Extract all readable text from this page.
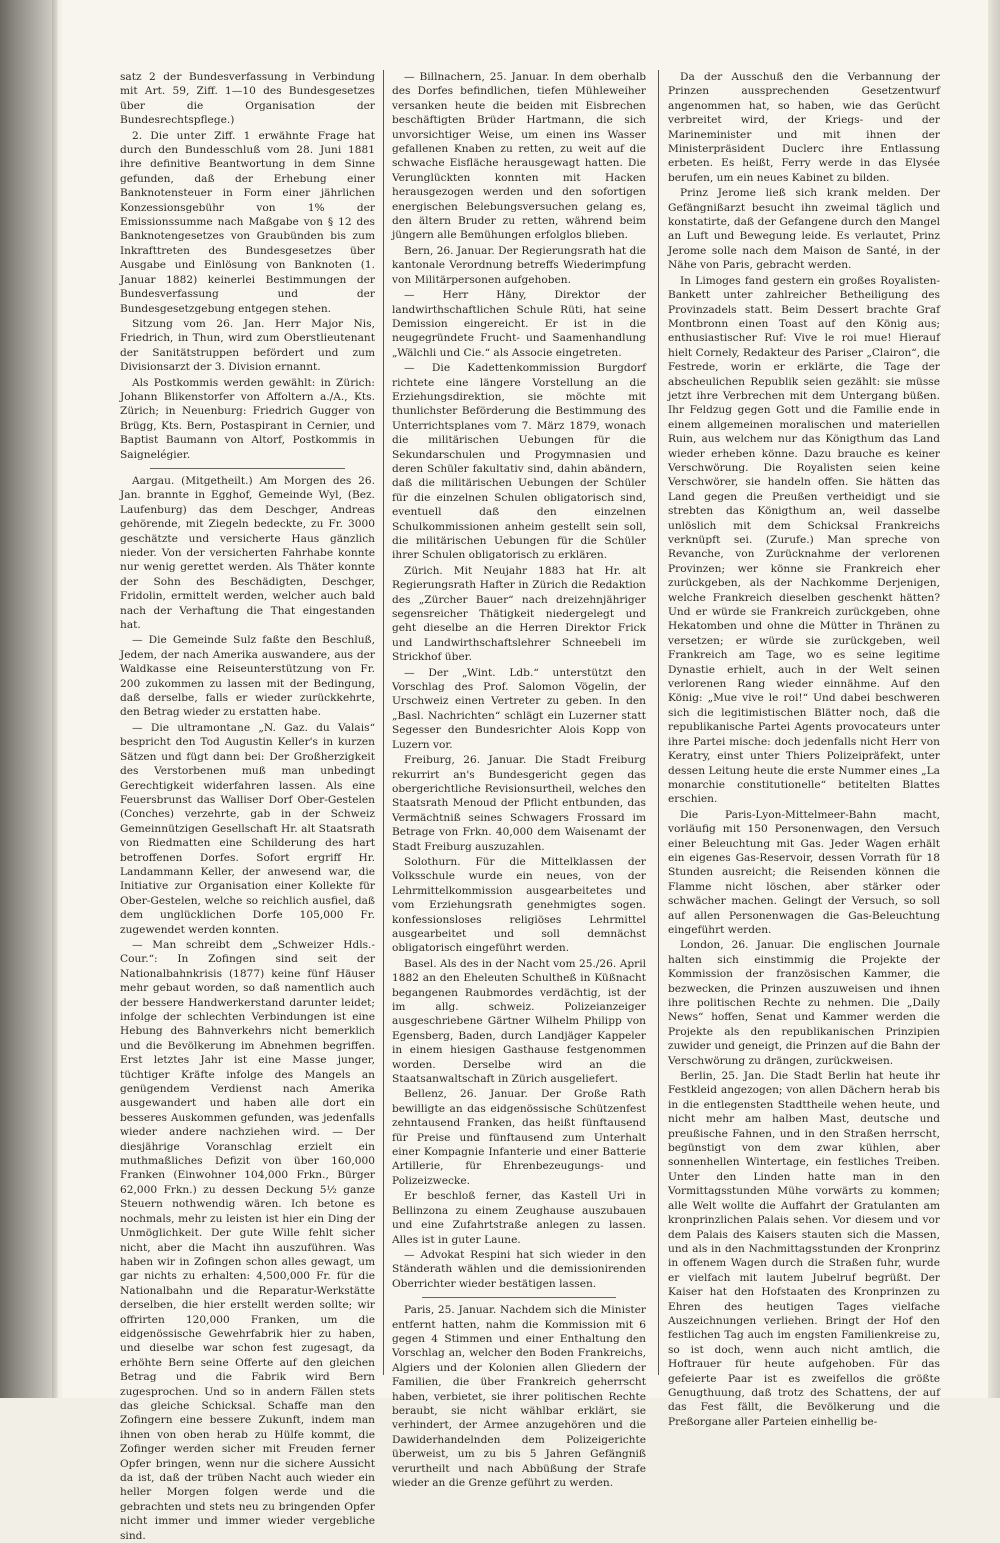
satz 2 der Bundesverfassung in Verbindung mit Art. 59, Ziff. 1—10 des Bundesgesetzes über die Organisation der Bundesrechtspflege.)

2. Die unter Ziff. 1 erwähnte Frage hat durch den Bundesschluß vom 28. Juni 1881 ihre definitive Beantwortung in dem Sinne gefunden, daß der Erhebung einer Banknotensteuer in Form einer jährlichen Konzessionsgebühr von 1% der Emissionssumme nach Maßgabe von § 12 des Banknotengesetzes von Graubünden bis zum Inkrafttreten des Bundesgesetzes über Ausgabe und Einlösung von Banknoten (1. Januar 1882) keinerlei Bestimmungen der Bundesverfassung und der Bundesgesetzgebung entgegen stehen.

Sitzung vom 26. Jan. Herr Major Nis, Friedrich, in Thun, wird zum Oberstlieutenant der Sanitätstruppen befördert und zum Divisionsarzt der 3. Division ernannt.

Als Postkommis werden gewählt: in Zürich: Johann Blikenstorfer von Affoltern a./A., Kts. Zürich; in Neuenburg: Friedrich Gugger von Brügg, Kts. Bern, Postaspirant in Cernier, und Baptist Baumann von Altorf, Postkommis in Saignelégier.

Aargau. (Mitgetheilt.) Am Morgen des 26. Jan. brannte in Egghof, Gemeinde Wyl, (Bez. Laufenburg) das dem Deschger, Andreas gehörende, mit Ziegeln bedeckte, zu Fr. 3000 geschätzte und versicherte Haus gänzlich nieder. Von der versicherten Fahrhabe konnte nur wenig gerettet werden. Als Thäter konnte der Sohn des Beschädigten, Deschger, Fridolin, ermittelt werden, welcher auch bald nach der Verhaftung die That eingestanden hat.

— Die Gemeinde Sulz faßte den Beschluß, Jedem, der nach Amerika auswandere, aus der Waldkasse eine Reiseunterstützung von Fr. 200 zukommen zu lassen mit der Bedingung, daß derselbe, falls er wieder zurückkehrte, den Betrag wieder zu erstatten habe.

— Die ultramontane „N. Gaz. du Valais“ bespricht den Tod Augustin Keller's in kurzen Sätzen und fügt dann bei: Der Großherzigkeit des Verstorbenen muß man unbedingt Gerechtigkeit widerfahren lassen. Als eine Feuersbrunst das Walliser Dorf Ober-Gestelen (Conches) verzehrte, gab in der Schweiz Gemeinnützigen Gesellschaft Hr. alt Staatsrath von Riedmatten eine Schilderung des hart betroffenen Dorfes. Sofort ergriff Hr. Landammann Keller, der anwesend war, die Initiative zur Organisation einer Kollekte für Ober-Gestelen, welche so reichlich ausfiel, daß dem unglücklichen Dorfe 105,000 Fr. zugewendet werden konnten.

— Man schreibt dem „Schweizer Hdls.-Cour.“: In Zofingen sind seit der Nationalbahnkrisis (1877) keine fünf Häuser mehr gebaut worden, so daß namentlich auch der bessere Handwerkerstand darunter leidet; infolge der schlechten Verbindungen ist eine Hebung des Bahnverkehrs nicht bemerklich und die Bevölkerung im Abnehmen begriffen. Erst letztes Jahr ist eine Masse junger, tüchtiger Kräfte infolge des Mangels an genügendem Verdienst nach Amerika ausgewandert und haben alle dort ein besseres Auskommen gefunden, was jedenfalls wieder andere nachziehen wird. — Der diesjährige Voranschlag erzielt ein muthmaßliches Defizit von über 160,000 Franken (Einwohner 104,000 Frkn., Bürger 62,000 Frkn.) zu dessen Deckung 5½ ganze Steuern nothwendig wären. Ich betone es nochmals, mehr zu leisten ist hier ein Ding der Unmöglichkeit. Der gute Wille fehlt sicher nicht, aber die Macht ihn auszuführen. Was haben wir in Zofingen schon alles gewagt, um gar nichts zu erhalten: 4,500,000 Fr. für die Nationalbahn und die Reparatur-Werkstätte derselben, die hier erstellt werden sollte; wir offrirten 120,000 Franken, um die eidgenössische Gewehrfabrik hier zu haben, und dieselbe war schon fest zugesagt, da erhöhte Bern seine Offerte auf den gleichen Betrag und die Fabrik wird Bern zugesprochen. Und so in andern Fällen stets das gleiche Schicksal. Schaffe man den Zofingern eine bessere Zukunft, indem man ihnen von oben herab zu Hülfe kommt, die Zofinger werden sicher mit Freuden ferner Opfer bringen, wenn nur die sichere Aussicht da ist, daß der trüben Nacht auch wieder ein heller Morgen folgen werde und die gebrachten und stets neu zu bringenden Opfer nicht immer und immer wieder vergebliche sind.

— Billnachern, 25. Januar. In dem oberhalb des Dorfes befindlichen, tiefen Mühleweiher versanken heute die beiden mit Eisbrechen beschäftigten Brüder Hartmann, die sich unvorsichtiger Weise, um einen ins Wasser gefallenen Knaben zu retten, zu weit auf die schwache Eisfläche herausgewagt hatten. Die Verunglückten konnten mit Hacken herausgezogen werden und den sofortigen energischen Belebungsversuchen gelang es, den ältern Bruder zu retten, während beim jüngern alle Bemühungen erfolglos blieben.

Bern, 26. Januar. Der Regierungsrath hat die kantonale Verordnung betreffs Wiederimpfung von Militärpersonen aufgehoben.

— Herr Häny, Direktor der landwirthschaftlichen Schule Rüti, hat seine Demission eingereicht. Er ist in die neugegründete Frucht- und Saamenhandlung „Wälchli und Cie.“ als Associe eingetreten.

— Die Kadettenkommission Burgdorf richtete eine längere Vorstellung an die Erziehungsdirektion, sie möchte mit thunlichster Beförderung die Bestimmung des Unterrichtsplanes vom 7. März 1879, wonach die militärischen Uebungen für die Sekundarschulen und Progymnasien und deren Schüler fakultativ sind, dahin abändern, daß die militärischen Uebungen der Schüler für die einzelnen Schulen obligatorisch sind, eventuell daß den einzelnen Schulkommissionen anheim gestellt sein soll, die militärischen Uebungen für die Schüler ihrer Schulen obligatorisch zu erklären.

Zürich. Mit Neujahr 1883 hat Hr. alt Regierungsrath Hafter in Zürich die Redaktion des „Zürcher Bauer“ nach dreizehnjähriger segensreicher Thätigkeit niedergelegt und geht dieselbe an die Herren Direktor Frick und Landwirthschaftslehrer Schneebeli im Strickhof über.

— Der „Wint. Ldb.“ unterstützt den Vorschlag des Prof. Salomon Vögelin, der Urschweiz einen Vertreter zu geben. In den „Basl. Nachrichten“ schlägt ein Luzerner statt Segesser den Bundesrichter Alois Kopp von Luzern vor.

Freiburg, 26. Januar. Die Stadt Freiburg rekurrirt an's Bundesgericht gegen das obergerichtliche Revisionsurtheil, welches den Staatsrath Menoud der Pflicht entbunden, das Vermächtniß seines Schwagers Frossard im Betrage von Frkn. 40,000 dem Waisenamt der Stadt Freiburg auszuzahlen.

Solothurn. Für die Mittelklassen der Volksschule wurde ein neues, von der Lehrmittelkommission ausgearbeitetes und vom Erziehungsrath genehmigtes sogen. konfessionsloses religiöses Lehrmittel ausgearbeitet und soll demnächst obligatorisch eingeführt werden.

Basel. Als des in der Nacht vom 25./26. April 1882 an den Eheleuten Schultheß in Küßnacht begangenen Raubmordes verdächtig, ist der im allg. schweiz. Polizeianzeiger ausgeschriebene Gärtner Wilhelm Philipp von Egensberg, Baden, durch Landjäger Kappeler in einem hiesigen Gasthause festgenommen worden. Derselbe wird an die Staatsanwaltschaft in Zürich ausgeliefert.

Bellenz, 26. Januar. Der Große Rath bewilligte an das eidgenössische Schützenfest zehntausend Franken, das heißt fünftausend für Preise und fünftausend zum Unterhalt einer Kompagnie Infanterie und einer Batterie Artillerie, für Ehrenbezeugungs- und Polizeizwecke.

Er beschloß ferner, das Kastell Uri in Bellinzona zu einem Zeughause auszubauen und eine Zufahrtstraße anlegen zu lassen. Alles ist in guter Laune.

— Advokat Respini hat sich wieder in den Ständerath wählen und die demissionirenden Oberrichter wieder bestätigen lassen.

Paris, 25. Januar. Nachdem sich die Minister entfernt hatten, nahm die Kommission mit 6 gegen 4 Stimmen und einer Enthaltung den Vorschlag an, welcher den Boden Frankreichs, Algiers und der Kolonien allen Gliedern der Familien, die über Frankreich geherrscht haben, verbietet, sie ihrer politischen Rechte beraubt, sie nicht wählbar erklärt, sie verhindert, der Armee anzugehören und die Dawiderhandelnden dem Polizeigerichte überweist, um zu bis 5 Jahren Gefängniß verurtheilt und nach Abbüßung der Strafe wieder an die Grenze geführt zu werden.

Da der Ausschuß den die Verbannung der Prinzen aussprechenden Gesetzentwurf angenommen hat, so haben, wie das Gerücht verbreitet wird, der Kriegs- und der Marineminister und mit ihnen der Ministerpräsident Duclerc ihre Entlassung erbeten. Es heißt, Ferry werde in das Elysée berufen, um ein neues Kabinet zu bilden.

Prinz Jerome ließ sich krank melden. Der Gefängnißarzt besucht ihn zweimal täglich und konstatirte, daß der Gefangene durch den Mangel an Luft und Bewegung leide. Es verlautet, Prinz Jerome solle nach dem Maison de Santé, in der Nähe von Paris, gebracht werden.

In Limoges fand gestern ein großes Royalisten-Bankett unter zahlreicher Betheiligung des Provinzadels statt. Beim Dessert brachte Graf Montbronn einen Toast auf den König aus; enthusiastischer Ruf: Vive le roi mue! Hierauf hielt Cornely, Redakteur des Pariser „Clairon“, die Festrede, worin er erklärte, die Tage der abscheulichen Republik seien gezählt: sie müsse jetzt ihre Verbrechen mit dem Untergang büßen. Ihr Feldzug gegen Gott und die Familie ende in einem allgemeinen moralischen und materiellen Ruin, aus welchem nur das Königthum das Land wieder erheben könne. Dazu brauche es keiner Verschwörung. Die Royalisten seien keine Verschwörer, sie handeln offen. Sie hätten das Land gegen die Preußen vertheidigt und sie strebten das Königthum an, weil dasselbe unlöslich mit dem Schicksal Frankreichs verknüpft sei. (Zurufe.) Man spreche von Revanche, von Zurücknahme der verlorenen Provinzen; wer könne sie Frankreich eher zurückgeben, als der Nachkomme Derjenigen, welche Frankreich dieselben geschenkt hätten? Und er würde sie Frankreich zurückgeben, ohne Hekatomben und ohne die Mütter in Thränen zu versetzen; er würde sie zurückgeben, weil Frankreich am Tage, wo es seine legitime Dynastie erhielt, auch in der Welt seinen verlorenen Rang wieder einnähme. Auf den König: „Mue vive le roi!“ Und dabei beschweren sich die legitimistischen Blätter noch, daß die republikanische Partei Agents provocateurs unter ihre Partei mische: doch jedenfalls nicht Herr von Keratry, einst unter Thiers Polizeipräfekt, unter dessen Leitung heute die erste Nummer eines „La monarchie constitutionelle“ betitelten Blattes erschien.

Die Paris-Lyon-Mittelmeer-Bahn macht, vorläufig mit 150 Personenwagen, den Versuch einer Beleuchtung mit Gas. Jeder Wagen erhält ein eigenes Gas-Reservoir, dessen Vorrath für 18 Stunden ausreicht; die Reisenden können die Flamme nicht löschen, aber stärker oder schwächer machen. Gelingt der Versuch, so soll auf allen Personenwagen die Gas-Beleuchtung eingeführt werden.

London, 26. Januar. Die englischen Journale halten sich einstimmig die Projekte der Kommission der französischen Kammer, die bezwecken, die Prinzen auszuweisen und ihnen ihre politischen Rechte zu nehmen. Die „Daily News“ hoffen, Senat und Kammer werden die Projekte als den republikanischen Prinzipien zuwider und geneigt, die Prinzen auf die Bahn der Verschwörung zu drängen, zurückweisen.

Berlin, 25. Jan. Die Stadt Berlin hat heute ihr Festkleid angezogen; von allen Dächern herab bis in die entlegensten Stadttheile wehen heute, und nicht mehr am halben Mast, deutsche und preußische Fahnen, und in den Straßen herrscht, begünstigt von dem zwar kühlen, aber sonnenhellen Wintertage, ein festliches Treiben. Unter den Linden hatte man in den Vormittagsstunden Mühe vorwärts zu kommen; alle Welt wollte die Auffahrt der Gratulanten am kronprinzlichen Palais sehen. Vor diesem und vor dem Palais des Kaisers stauten sich die Massen, und als in den Nachmittagsstunden der Kronprinz in offenem Wagen durch die Straßen fuhr, wurde er vielfach mit lautem Jubelruf begrüßt. Der Kaiser hat den Hofstaaten des Kronprinzen zu Ehren des heutigen Tages vielfache Auszeichnungen verliehen. Bringt der Hof den festlichen Tag auch im engsten Familienkreise zu, so ist doch, wenn auch nicht amtlich, die Hoftrauer für heute aufgehoben. Für das gefeierte Paar ist es zweifellos die größte Genugthuung, daß trotz des Schattens, der auf das Fest fällt, die Bevölkerung und die Preßorgane aller Parteien einhellig be-
